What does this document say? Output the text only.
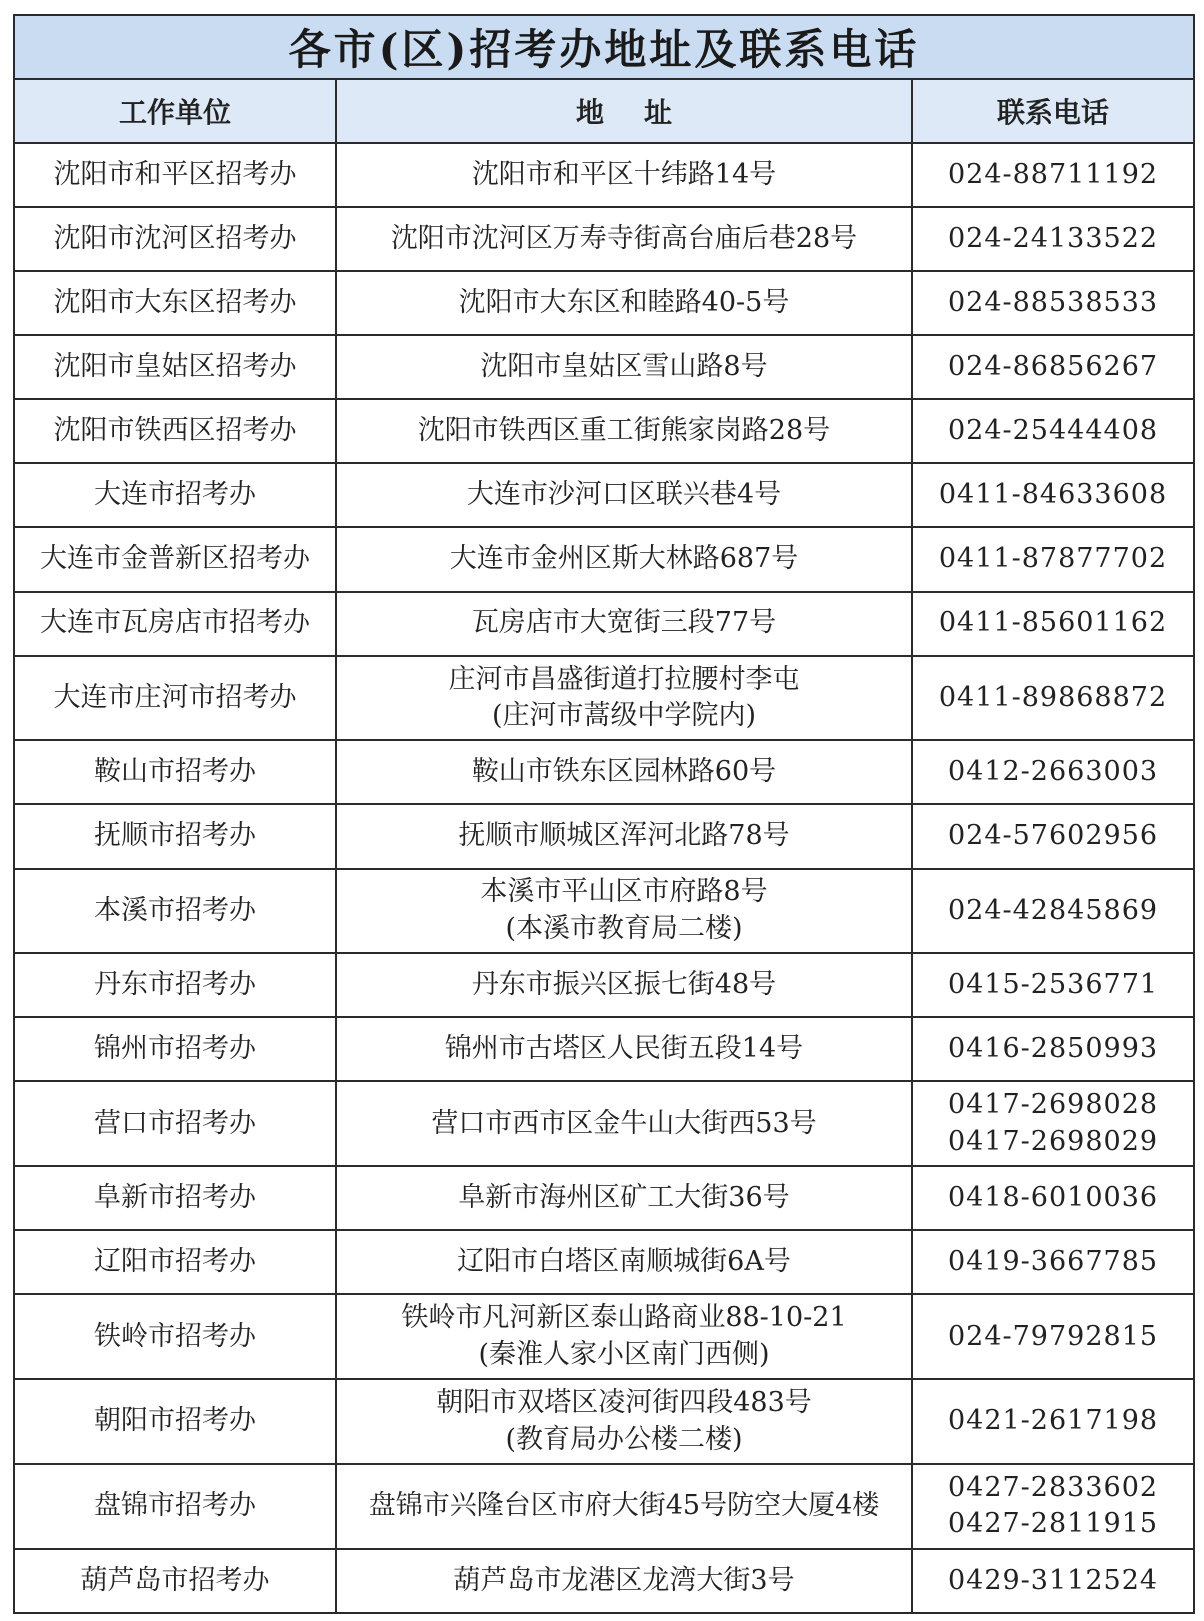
各市(区)招考办地址及联系电话		
工作单位	地址	联系电话
沈阳市和平区招考办	沈阳市和平区十纬路14号	024-88711192

沈阳市沈河区招考办	沈阳市沈河区万寿寺街高台庙后巷28号	024-24133522

沈阳市大东区招考办	沈阳市大东区和睦路40-5号	024-88538533

沈阳市皇姑区招考办	沈阳市皇姑区雪山路8号	024-86856267

沈阳市铁西区招考办	沈阳市铁西区重工街熊家岗路28号	024-25444408

大连市招考办	大连市沙河口区联兴巷4号	0411-84633608

大连市金普新区招考办	大连市金州区斯大林路687号	0411-87877702

大连市瓦房店市招考办	瓦房店市大宽街三段77号	0411-85601162

大连市庄河市招考办	庄河市昌盛街道打拉腰村李屯
(庄河市蒿级中学院内)	0411-89868872

鞍山市招考办	鞍山市铁东区园林路60号	0412-2663003

抚顺市招考办	抚顺市顺城区浑河北路78号	024-57602956

本溪市招考办	本溪市平山区市府路8号
(本溪市教育局二楼)	024-42845869

丹东市招考办	丹东市振兴区振七街48号	0415-2536771

锦州市招考办	锦州市古塔区人民街五段14号	0416-2850993

营口市招考办	营口市西市区金牛山大街西53号	0417-2698028
0417-2698029

阜新市招考办	阜新市海州区矿工大街36号	0418-6010036

辽阳市招考办	辽阳市白塔区南顺城街6A号	0419-3667785

铁岭市招考办	铁岭市凡河新区泰山路商业88-10-21
(秦淮人家小区南门西侧)	024-79792815

朝阳市招考办	朝阳市双塔区凌河街四段483号
(教育局办公楼二楼)	0421-2617198

盘锦市招考办	盘锦市兴隆台区市府大街45号防空大厦4楼	0427-2833602
0427-2811915

葫芦岛市招考办	葫芦岛市龙港区龙湾大街3号	0429-3112524
